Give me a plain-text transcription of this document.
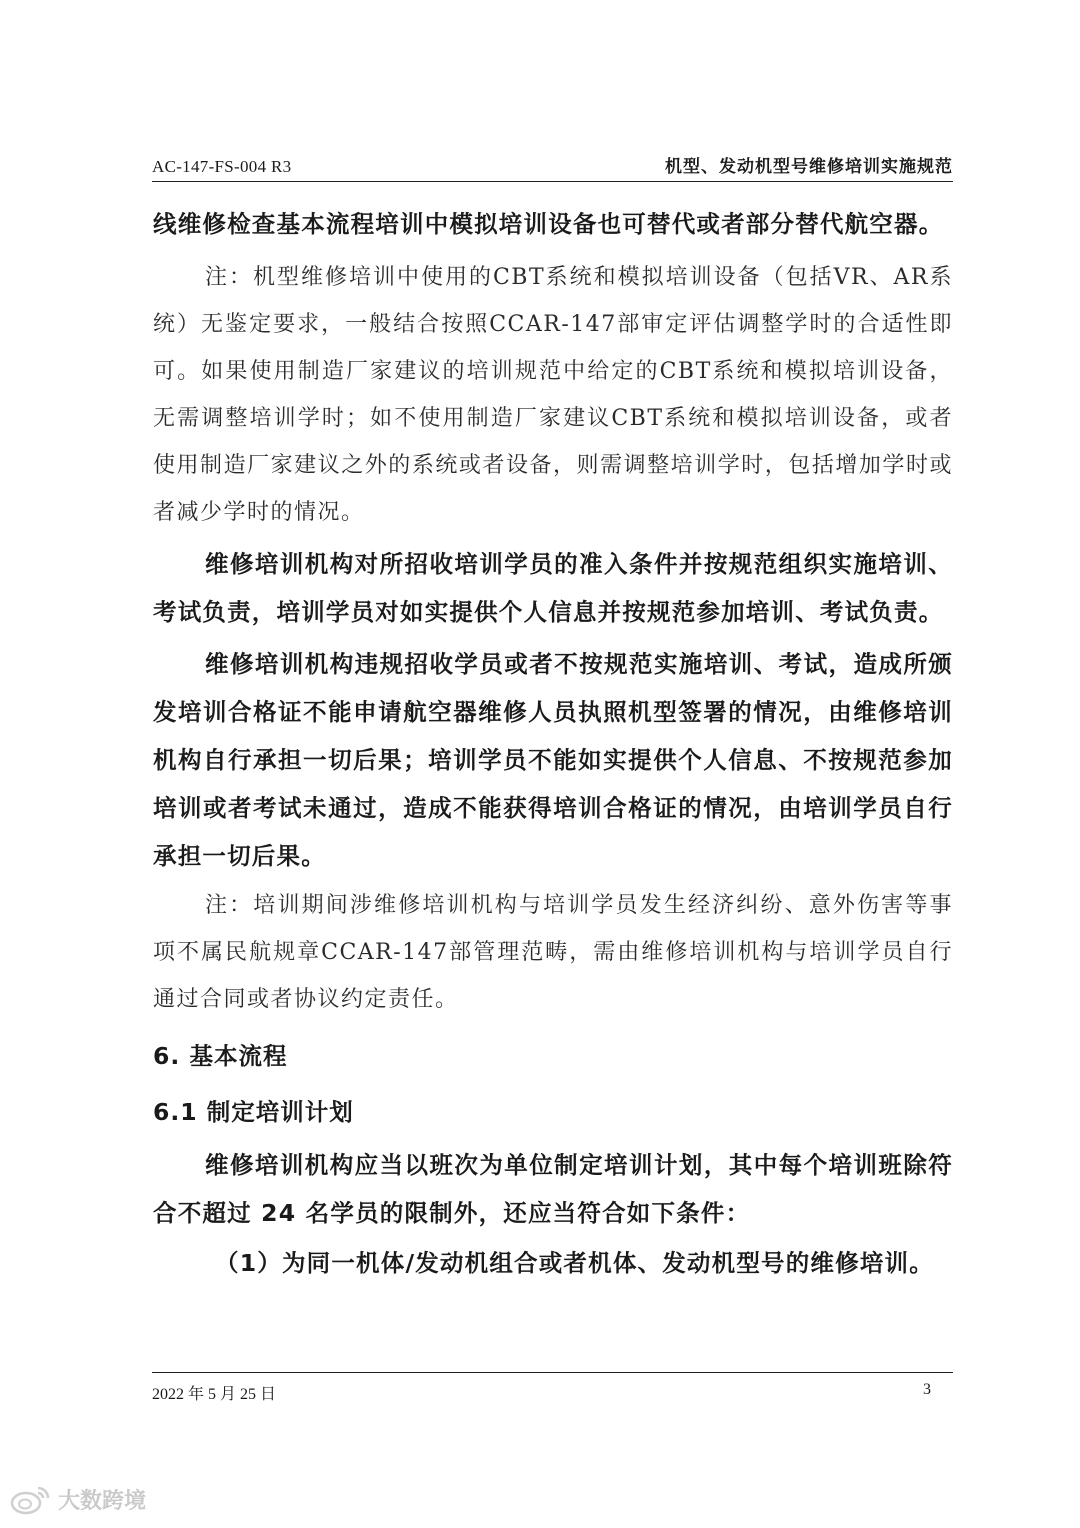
AC-147-FS-004 R3	机型、发动机型号维修培训实施规范

线维修检查基本流程培训中模拟培训设备也可替代或者部分替代航空器。

注：机型维修培训中使用的CBT系统和模拟培训设备（包括VR、AR系统）无鉴定要求，一般结合按照CCAR-147部审定评估调整学时的合适性即可。如果使用制造厂家建议的培训规范中给定的CBT系统和模拟培训设备，无需调整培训学时；如不使用制造厂家建议CBT系统和模拟培训设备，或者使用制造厂家建议之外的系统或者设备，则需调整培训学时，包括增加学时或者减少学时的情况。

维修培训机构对所招收培训学员的准入条件并按规范组织实施培训、考试负责，培训学员对如实提供个人信息并按规范参加培训、考试负责。

维修培训机构违规招收学员或者不按规范实施培训、考试，造成所颁发培训合格证不能申请航空器维修人员执照机型签署的情况，由维修培训机构自行承担一切后果；培训学员不能如实提供个人信息、不按规范参加培训或者考试未通过，造成不能获得培训合格证的情况，由培训学员自行承担一切后果。

注：培训期间涉维修培训机构与培训学员发生经济纠纷、意外伤害等事项不属民航规章CCAR-147部管理范畴，需由维修培训机构与培训学员自行通过合同或者协议约定责任。

6. 基本流程

6.1 制定培训计划

维修培训机构应当以班次为单位制定培训计划，其中每个培训班除符合不超过 24 名学员的限制外，还应当符合如下条件：

（1）为同一机体/发动机组合或者机体、发动机型号的维修培训。

2022 年 5 月 25 日	3
大数跨境
